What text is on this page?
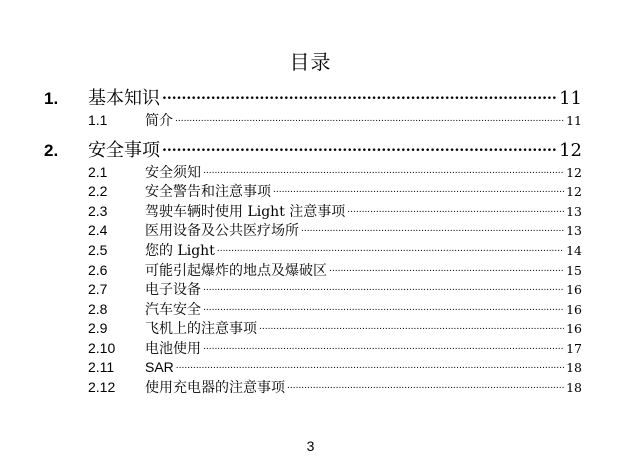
目录
1.	基本知识 .....	11
1.1	简介 .....	11
2.	安全事项 .....	12
2.1	安全须知 .....	12
2.2	安全警告和注意事项 .....	12
2.3	驾驶车辆时使用 Light 注意事项 .....	13
2.4	医用设备及公共医疗场所 .....	13
2.5	您的 Light .....	14
2.6	可能引起爆炸的地点及爆破区 .....	15
2.7	电子设备 .....	16
2.8	汽车安全 .....	16
2.9	飞机上的注意事项 .....	16
2.10	电池使用 .....	17
2.11	SAR .....	18
2.12	使用充电器的注意事项 .....	18
3
